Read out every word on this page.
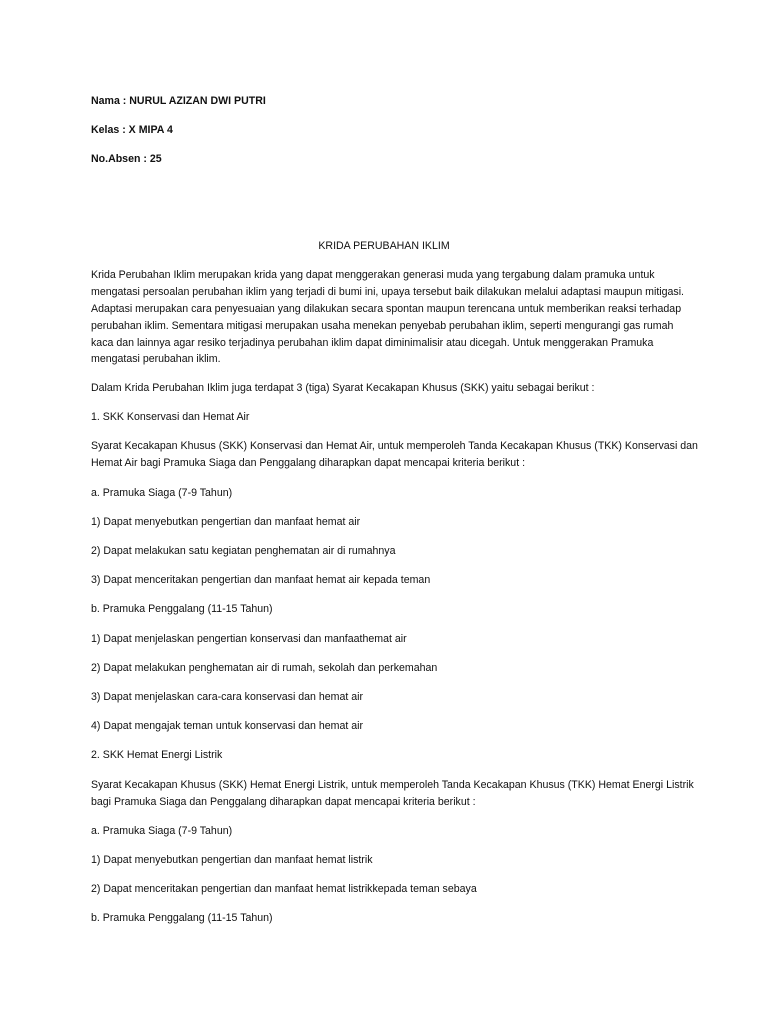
Nama : NURUL AZIZAN DWI PUTRI

Kelas : X MIPA 4

No.Absen : 25

KRIDA PERUBAHAN IKLIM

Krida Perubahan Iklim merupakan krida yang dapat menggerakan generasi muda yang tergabung dalam pramuka untuk

mengatasi persoalan perubahan iklim yang terjadi di bumi ini, upaya tersebut baik dilakukan melalui adaptasi maupun mitigasi.

Adaptasi merupakan cara penyesuaian yang dilakukan secara spontan maupun terencana untuk memberikan reaksi terhadap

perubahan iklim. Sementara mitigasi merupakan usaha menekan penyebab perubahan iklim, seperti mengurangi gas rumah

kaca dan lainnya agar resiko terjadinya perubahan iklim dapat diminimalisir atau dicegah. Untuk menggerakan Pramuka

mengatasi perubahan iklim.

Dalam Krida Perubahan Iklim juga terdapat 3 (tiga) Syarat Kecakapan Khusus (SKK) yaitu sebagai berikut :

1. SKK Konservasi dan Hemat Air

Syarat Kecakapan Khusus (SKK) Konservasi dan Hemat Air, untuk memperoleh Tanda Kecakapan Khusus (TKK) Konservasi dan

Hemat Air bagi Pramuka Siaga dan Penggalang diharapkan dapat mencapai kriteria berikut :

a. Pramuka Siaga (7-9 Tahun)

1) Dapat menyebutkan pengertian dan manfaat hemat air

2) Dapat melakukan satu kegiatan penghematan air di rumahnya

3) Dapat menceritakan pengertian dan manfaat hemat air kepada teman

b. Pramuka Penggalang (11-15 Tahun)

1) Dapat menjelaskan pengertian konservasi dan manfaathemat air

2) Dapat melakukan penghematan air di rumah, sekolah dan perkemahan

3) Dapat menjelaskan cara-cara konservasi dan hemat air

4) Dapat mengajak teman untuk konservasi dan hemat air

2. SKK Hemat Energi Listrik

Syarat Kecakapan Khusus (SKK) Hemat Energi Listrik, untuk memperoleh Tanda Kecakapan Khusus (TKK) Hemat Energi Listrik

bagi Pramuka Siaga dan Penggalang diharapkan dapat mencapai kriteria berikut :

a. Pramuka Siaga (7-9 Tahun)

1) Dapat menyebutkan pengertian dan manfaat hemat listrik

2) Dapat menceritakan pengertian dan manfaat hemat listrikkepada teman sebaya

b. Pramuka Penggalang (11-15 Tahun)
